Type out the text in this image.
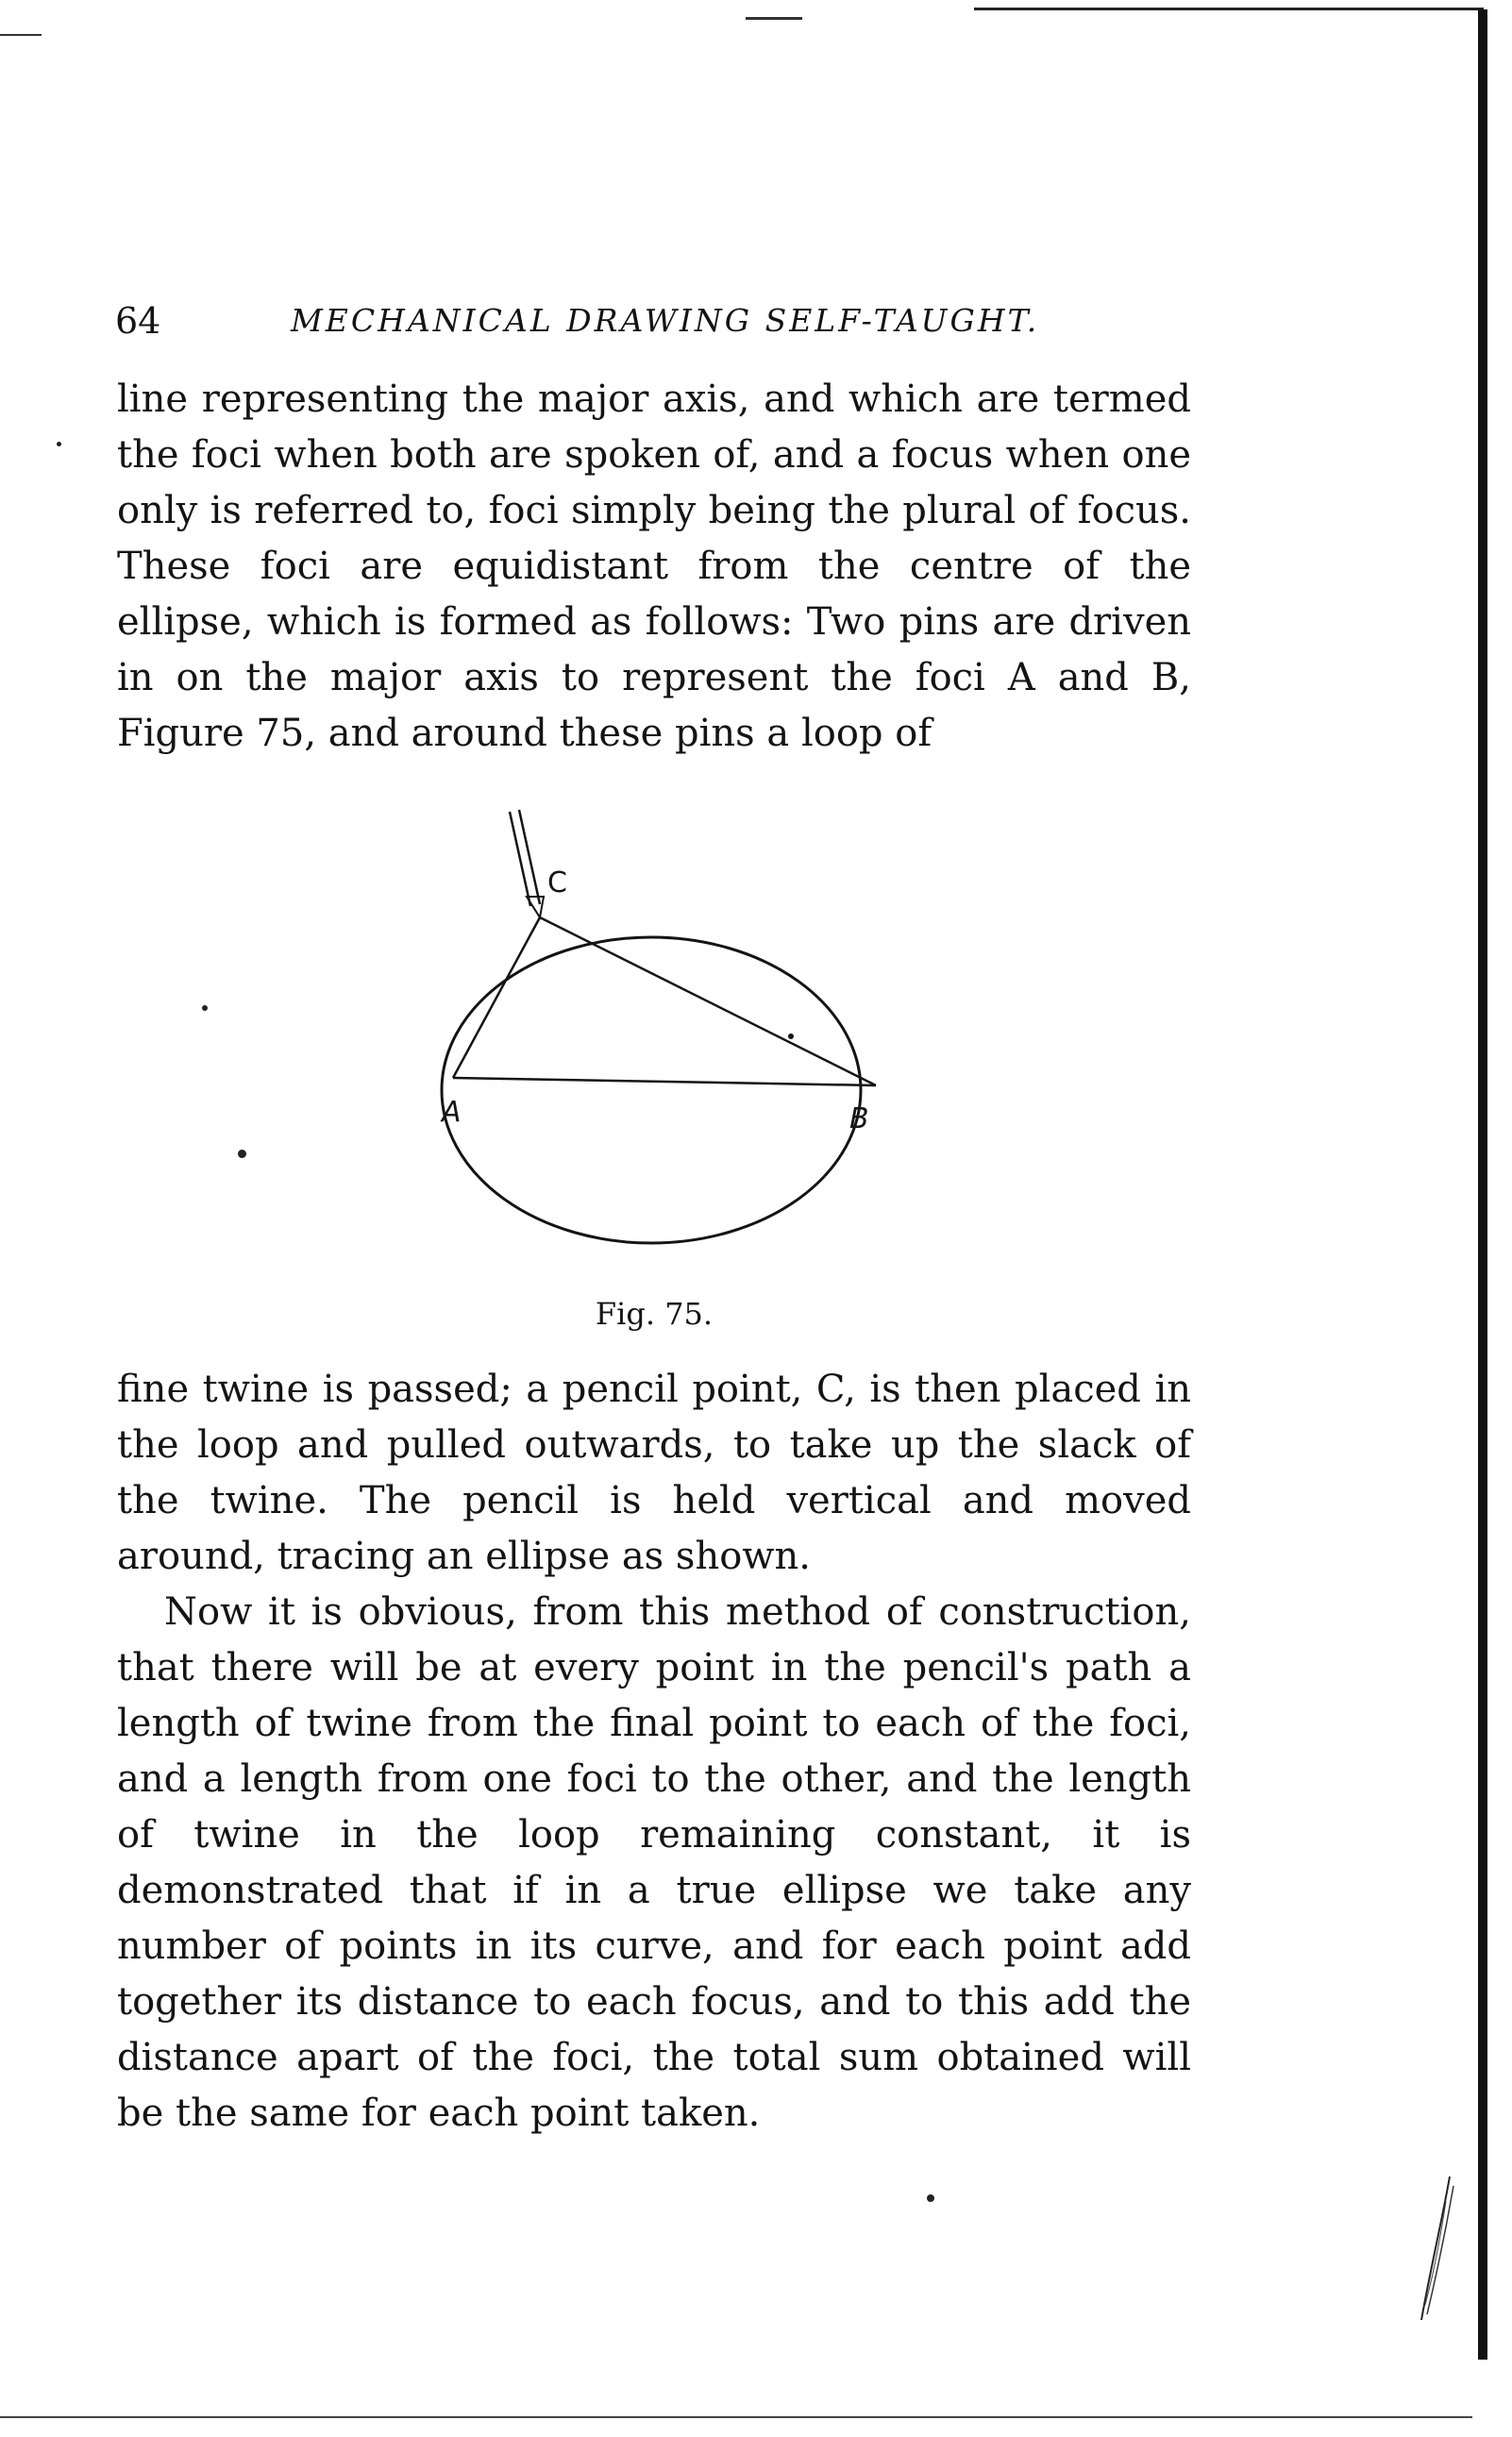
64	MECHANICAL DRAWING SELF-TAUGHT.

line representing the major axis, and which are termed the foci when both are spoken of, and a focus when one only is referred to, foci simply being the plural of focus. These foci are equidistant from the centre of the ellipse, which is formed as follows: Two pins are driven in on the major axis to represent the foci A and B, Figure 75, and around these pins a loop of

C
A	B
Fig. 75.

fine twine is passed; a pencil point, C, is then placed in the loop and pulled outwards, to take up the slack of the twine. The pencil is held vertical and moved around, tracing an ellipse as shown.

Now it is obvious, from this method of construction, that there will be at every point in the pencil's path a length of twine from the final point to each of the foci, and a length from one foci to the other, and the length of twine in the loop remaining constant, it is demonstrated that if in a true ellipse we take any number of points in its curve, and for each point add together its distance to each focus, and to this add the distance apart of the foci, the total sum obtained will be the same for each point taken.
